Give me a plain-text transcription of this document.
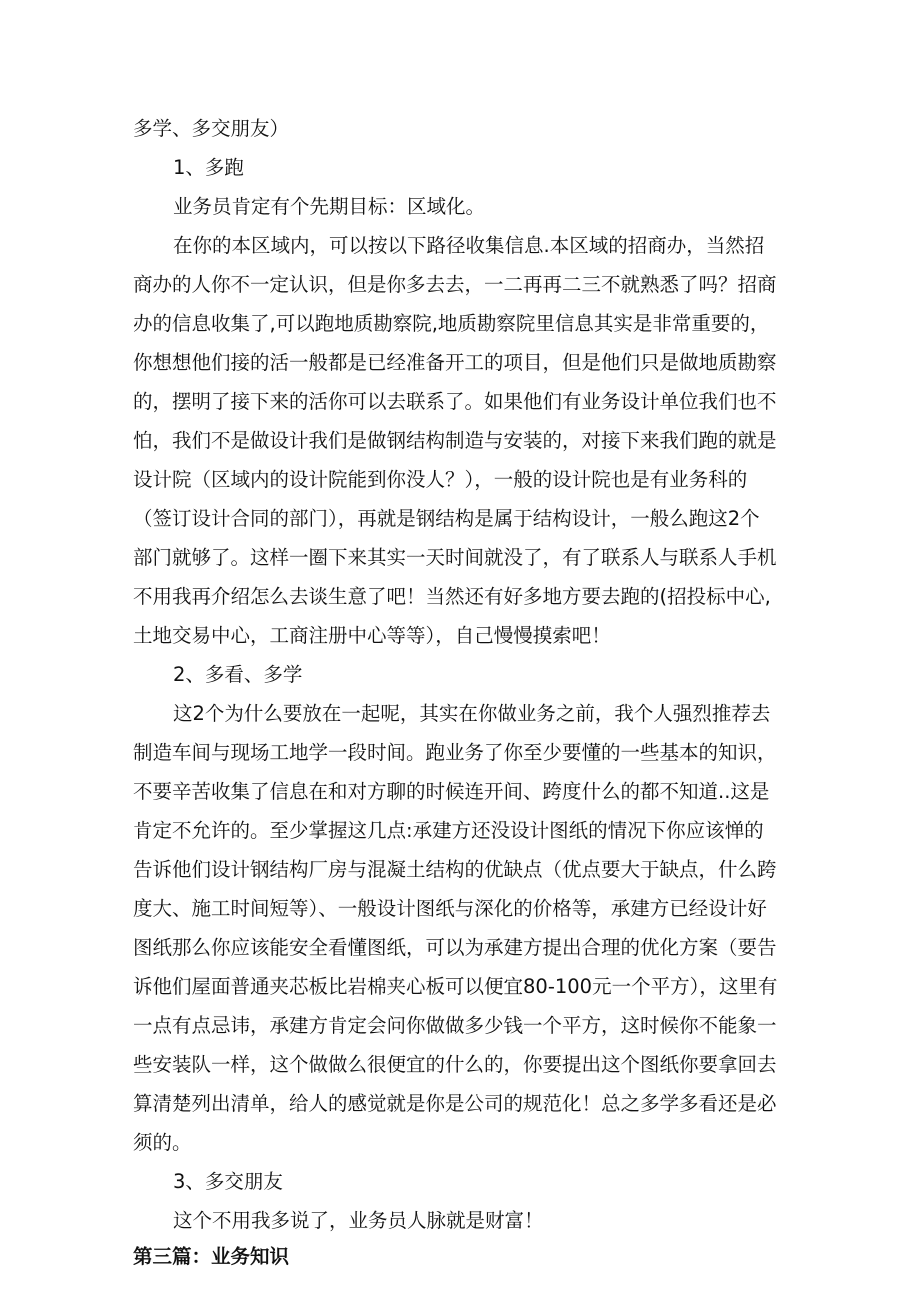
多学、多交朋友）
1、多跑
业务员肯定有个先期目标：区域化。
在你的本区域内，可以按以下路径收集信息.本区域的招商办，当然招
商办的人你不一定认识，但是你多去去，一二再再二三不就熟悉了吗？招商
办的信息收集了,可以跑地质勘察院,地质勘察院里信息其实是非常重要的，
你想想他们接的活一般都是已经准备开工的项目，但是他们只是做地质勘察
的，摆明了接下来的活你可以去联系了。如果他们有业务设计单位我们也不
怕，我们不是做设计我们是做钢结构制造与安装的，对接下来我们跑的就是
设计院（区域内的设计院能到你没人？），一般的设计院也是有业务科的
（签订设计合同的部门），再就是钢结构是属于结构设计，一般么跑这2个
部门就够了。这样一圈下来其实一天时间就没了，有了联系人与联系人手机
不用我再介绍怎么去谈生意了吧！当然还有好多地方要去跑的(招投标中心,
土地交易中心，工商注册中心等等），自己慢慢摸索吧！
2、多看、多学
这2个为什么要放在一起呢，其实在你做业务之前，我个人强烈推荐去
制造车间与现场工地学一段时间。跑业务了你至少要懂的一些基本的知识，
不要辛苦收集了信息在和对方聊的时候连开间、跨度什么的都不知道..这是
肯定不允许的。至少掌握这几点:承建方还没设计图纸的情况下你应该惮的
告诉他们设计钢结构厂房与混凝土结构的优缺点（优点要大于缺点，什么跨
度大、施工时间短等）、一般设计图纸与深化的价格等，承建方已经设计好
图纸那么你应该能安全看懂图纸，可以为承建方提出合理的优化方案（要告
诉他们屋面普通夹芯板比岩棉夹心板可以便宜80-100元一个平方），这里有
一点有点忌讳，承建方肯定会问你做做多少钱一个平方，这时候你不能象一
些安装队一样，这个做做么很便宜的什么的，你要提出这个图纸你要拿回去
算清楚列出清单，给人的感觉就是你是公司的规范化！总之多学多看还是必
须的。
3、多交朋友
这个不用我多说了，业务员人脉就是财富！
第三篇：业务知识
